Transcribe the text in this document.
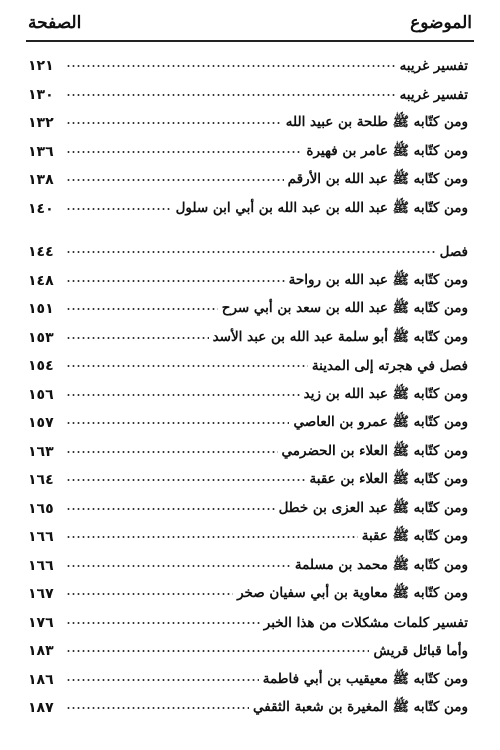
الموضوع
الصفحة
تفسير غريبه
١٢١
تفسير غريبه
١٣٠
ومن كتّابه ﷺ طلحة بن عبيد الله
١٣٢
ومن كتّابه ﷺ عامر بن فهيرة
١٣٦
ومن كتّابه ﷺ عبد الله بن الأرقم
١٣٨
ومن كتّابه ﷺ عبد الله بن عبد الله بن أبي ابن سلول
١٤٠
فصل
١٤٤
ومن كتّابه ﷺ عبد الله بن رواحة
١٤٨
ومن كتّابه ﷺ عبد الله بن سعد بن أبي سرح
١٥١
ومن كتّابه ﷺ أبو سلمة عبد الله بن عبد الأسد
١٥٣
فصل في هجرته إلى المدينة
١٥٤
ومن كتّابه ﷺ عبد الله بن زيد
١٥٦
ومن كتّابه ﷺ عمرو بن العاصي
١٥٧
ومن كتّابه ﷺ العلاء بن الحضرمي
١٦٣
ومن كتّابه ﷺ العلاء بن عقبة
١٦٤
ومن كتّابه ﷺ عبد العزى بن خطل
١٦٥
ومن كتّابه ﷺ عقبة
١٦٦
ومن كتّابه ﷺ محمد بن مسلمة
١٦٦
ومن كتّابه ﷺ معاوية بن أبي سفيان صخر
١٦٧
تفسير كلمات مشكلات من هذا الخبر
١٧٦
وأما قبائل قريش
١٨٣
ومن كتّابه ﷺ معيقيب بن أبي فاطمة
١٨٦
ومن كتّابه ﷺ المغيرة بن شعبة الثقفي
١٨٧
